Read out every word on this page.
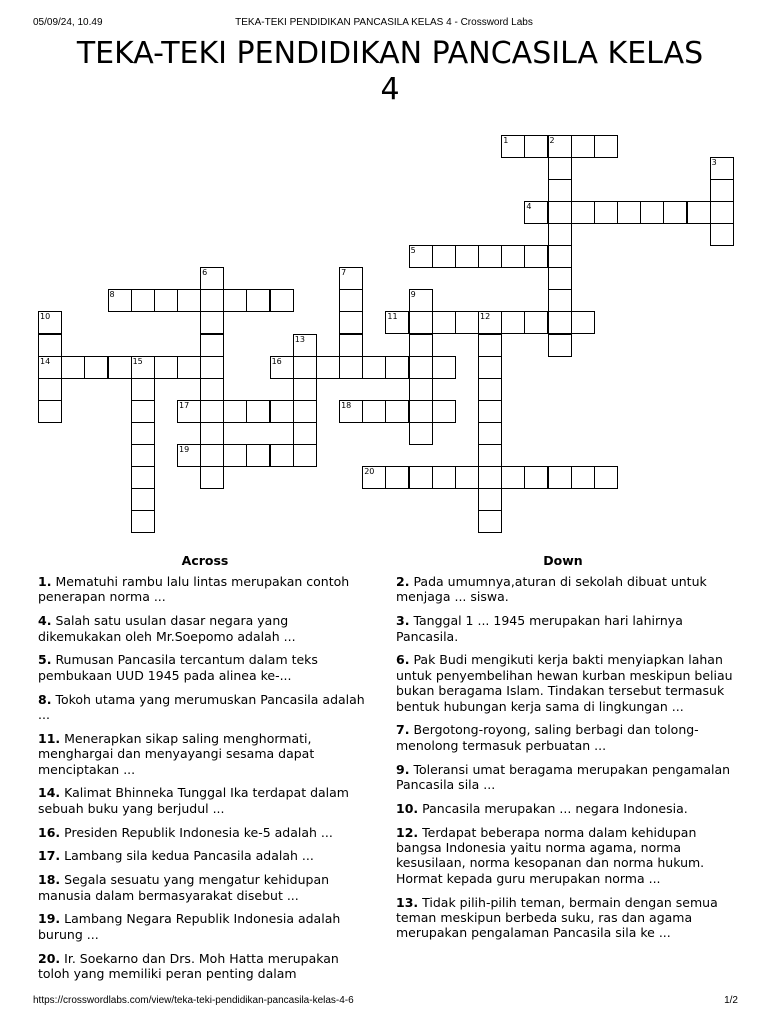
05/09/24, 10.49	TEKA-TEKI PENDIDIKAN PANCASILA KELAS 4 - Crossword Labs
TEKA-TEKI PENDIDIKAN PANCASILA KELAS
4
1	2
3
4
5
6	7
8	9
10
14
11	12
13
15	16
17	18
19
20
Across	Down
1. Mematuhi rambu lalu lintas merupakan contoh penerapan norma ...
4. Salah satu usulan dasar negara yang dikemukakan oleh Mr.Soepomo adalah ...
5. Rumusan Pancasila tercantum dalam teks pembukaan UUD 1945 pada alinea ke-...
8. Tokoh utama yang merumuskan Pancasila adalah ...
11. Menerapkan sikap saling menghormati, menghargai dan menyayangi sesama dapat menciptakan ...
14. Kalimat Bhinneka Tunggal Ika terdapat dalam sebuah buku yang berjudul ...
16. Presiden Republik Indonesia ke-5 adalah ...
17. Lambang sila kedua Pancasila adalah ...
18. Segala sesuatu yang mengatur kehidupan manusia dalam bermasyarakat disebut ...
19. Lambang Negara Republik Indonesia adalah burung ...
20. Ir. Soekarno dan Drs. Moh Hatta merupakan toloh yang memiliki peran penting dalam
2. Pada umumnya,aturan di sekolah dibuat untuk menjaga ... siswa.
3. Tanggal 1 ... 1945 merupakan hari lahirnya Pancasila.
6. Pak Budi mengikuti kerja bakti menyiapkan lahan untuk penyembelihan hewan kurban meskipun beliau bukan beragama Islam. Tindakan tersebut termasuk bentuk hubungan kerja sama di lingkungan ...
7. Bergotong-royong, saling berbagi dan tolong-menolong termasuk perbuatan ...
9. Toleransi umat beragama merupakan pengamalan Pancasila sila ...
10. Pancasila merupakan ... negara Indonesia.
12. Terdapat beberapa norma dalam kehidupan bangsa Indonesia yaitu norma agama, norma kesusilaan, norma kesopanan dan norma hukum. Hormat kepada guru merupakan norma ...
13. Tidak pilih-pilih teman, bermain dengan semua teman meskipun berbeda suku, ras dan agama merupakan pengalaman Pancasila sila ke ...
https://crosswordlabs.com/view/teka-teki-pendidikan-pancasila-kelas-4-6	1/2
